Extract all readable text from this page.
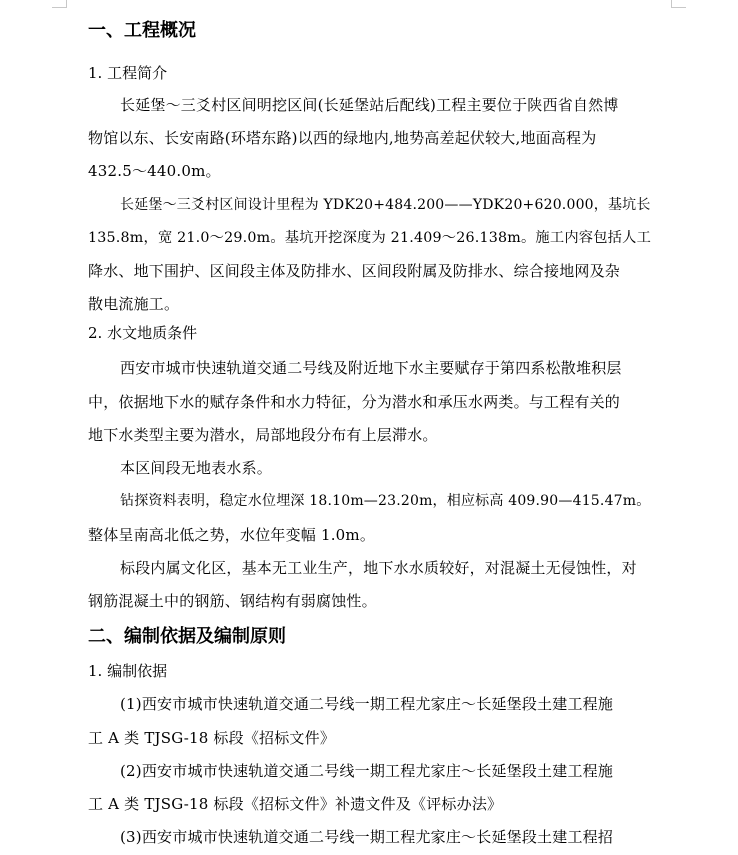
一、工程概况
1. 工程简介
长延堡～三爻村区间明挖区间(长延堡站后配线)工程主要位于陕西省自然博
物馆以东、长安南路(环塔东路)以西的绿地内,地势高差起伏较大,地面高程为
432.5～440.0m。
长延堡～三爻村区间设计里程为 YDK20+484.200——YDK20+620.000，基坑长
135.8m，宽 21.0～29.0m。基坑开挖深度为 21.409～26.138m。施工内容包括人工
降水、地下围护、区间段主体及防排水、区间段附属及防排水、综合接地网及杂
散电流施工。
2. 水文地质条件
西安市城市快速轨道交通二号线及附近地下水主要赋存于第四系松散堆积层
中，依据地下水的赋存条件和水力特征，分为潜水和承压水两类。与工程有关的
地下水类型主要为潜水，局部地段分布有上层滞水。
本区间段无地表水系。
钻探资料表明，稳定水位埋深 18.10m—23.20m，相应标高 409.90—415.47m。
整体呈南高北低之势，水位年变幅 1.0m。
标段内属文化区，基本无工业生产，地下水水质较好，对混凝土无侵蚀性，对
钢筋混凝土中的钢筋、钢结构有弱腐蚀性。
二、编制依据及编制原则
1. 编制依据
(1)西安市城市快速轨道交通二号线一期工程尤家庄～长延堡段土建工程施
工 A 类 TJSG-18 标段《招标文件》
(2)西安市城市快速轨道交通二号线一期工程尤家庄～长延堡段土建工程施
工 A 类 TJSG-18 标段《招标文件》补遗文件及《评标办法》
(3)西安市城市快速轨道交通二号线一期工程尤家庄～长延堡段土建工程招
